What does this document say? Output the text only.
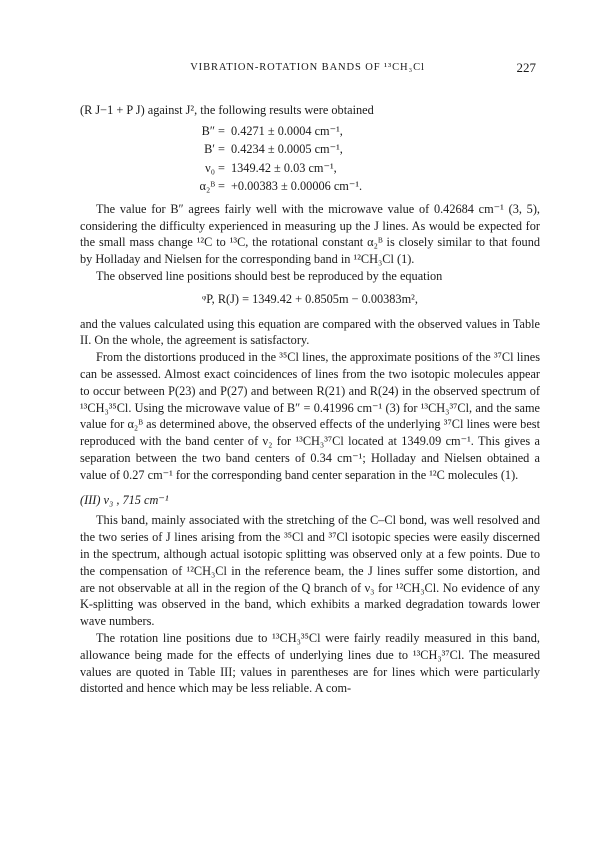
VIBRATION-ROTATION BANDS OF ¹³CH₃Cl	227

(R J−1 + P J) against J², the following results were obtained

B″ = 0.4271 ± 0.0004 cm⁻¹,
B′ = 0.4234 ± 0.0005 cm⁻¹,
ν₀ = 1349.42 ± 0.03 cm⁻¹,
α₂ᴮ = +0.00383 ± 0.00006 cm⁻¹.

The value for B″ agrees fairly well with the microwave value of 0.42684 cm⁻¹ (3, 5), considering the difficulty experienced in measuring up the J lines. As would be expected for the small mass change ¹²C to ¹³C, the rotational constant α₂ᴮ is closely similar to that found by Holladay and Nielsen for the corresponding band in ¹²CH₃Cl (1).

The observed line positions should best be reproduced by the equation

ᵠP, R(J) = 1349.42 + 0.8505m − 0.00383m²,

and the values calculated using this equation are compared with the observed values in Table II. On the whole, the agreement is satisfactory.

From the distortions produced in the ³⁵Cl lines, the approximate positions of the ³⁷Cl lines can be assessed. Almost exact coincidences of lines from the two isotopic molecules appear to occur between P(23) and P(27) and between R(21) and R(24) in the observed spectrum of ¹³CH₃³⁵Cl. Using the microwave value of B″ = 0.41996 cm⁻¹ (3) for ¹³CH₃³⁷Cl, and the same value for α₂ᴮ as determined above, the observed effects of the underlying ³⁷Cl lines were best reproduced with the band center of ν₂ for ¹³CH₃³⁷Cl located at 1349.09 cm⁻¹. This gives a separation between the two band centers of 0.34 cm⁻¹; Holladay and Nielsen obtained a value of 0.27 cm⁻¹ for the corresponding band center separation in the ¹²C molecules (1).

(III) ν₃ , 715 cm⁻¹

This band, mainly associated with the stretching of the C–Cl bond, was well resolved and the two series of J lines arising from the ³⁵Cl and ³⁷Cl isotopic species were easily discerned in the spectrum, although actual isotopic splitting was observed only at a few points. Due to the compensation of ¹²CH₃Cl in the reference beam, the J lines suffer some distortion, and are not observable at all in the region of the Q branch of ν₃ for ¹²CH₃Cl. No evidence of any K-splitting was observed in the band, which exhibits a marked degradation towards lower wave numbers.

The rotation line positions due to ¹³CH₃³⁵Cl were fairly readily measured in this band, allowance being made for the effects of underlying lines due to ¹³CH₃³⁷Cl. The measured values are quoted in Table III; values in parentheses are for lines which were particularly distorted and hence which may be less reliable. A com-
